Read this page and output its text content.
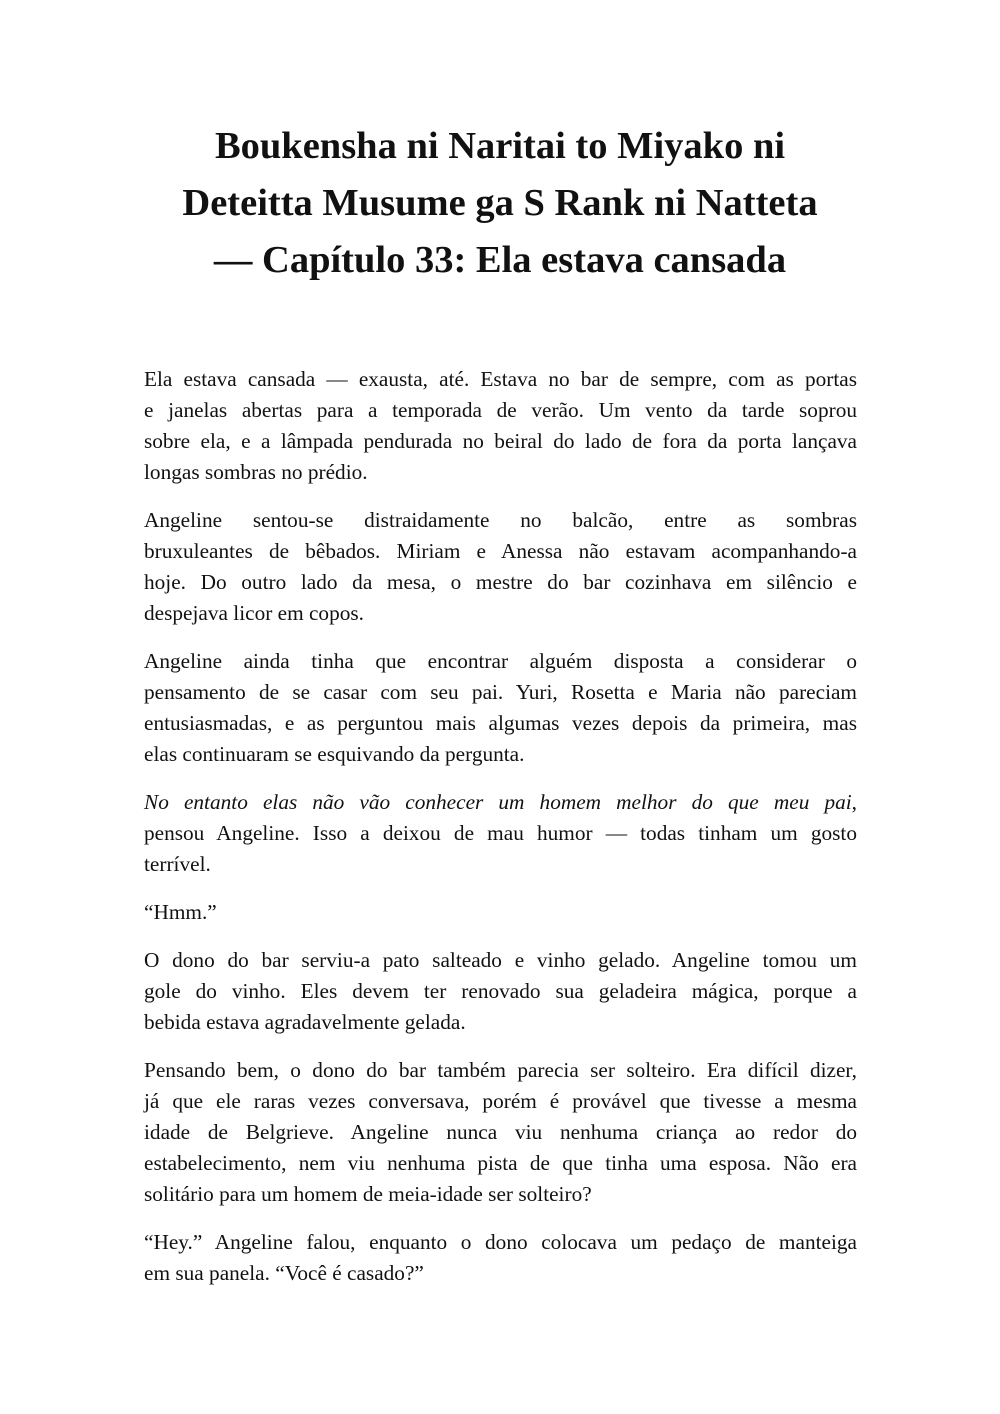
Boukensha ni Naritai to Miyako ni
Deteitta Musume ga S Rank ni Natteta
— Capítulo 33: Ela estava cansada

Ela estava cansada — exausta, até. Estava no bar de sempre, com as portas
e janelas abertas para a temporada de verão. Um vento da tarde soprou
sobre ela, e a lâmpada pendurada no beiral do lado de fora da porta lançava
longas sombras no prédio.

Angeline sentou-se distraidamente no balcão, entre as sombras
bruxuleantes de bêbados. Miriam e Anessa não estavam acompanhando-a
hoje. Do outro lado da mesa, o mestre do bar cozinhava em silêncio e
despejava licor em copos.

Angeline ainda tinha que encontrar alguém disposta a considerar o
pensamento de se casar com seu pai. Yuri, Rosetta e Maria não pareciam
entusiasmadas, e as perguntou mais algumas vezes depois da primeira, mas
elas continuaram se esquivando da pergunta.

No entanto elas não vão conhecer um homem melhor do que meu pai,
pensou Angeline. Isso a deixou de mau humor — todas tinham um gosto
terrível.

“Hmm.”

O dono do bar serviu-a pato salteado e vinho gelado. Angeline tomou um
gole do vinho. Eles devem ter renovado sua geladeira mágica, porque a
bebida estava agradavelmente gelada.

Pensando bem, o dono do bar também parecia ser solteiro. Era difícil dizer,
já que ele raras vezes conversava, porém é provável que tivesse a mesma
idade de Belgrieve. Angeline nunca viu nenhuma criança ao redor do
estabelecimento, nem viu nenhuma pista de que tinha uma esposa. Não era
solitário para um homem de meia-idade ser solteiro?

“Hey.” Angeline falou, enquanto o dono colocava um pedaço de manteiga
em sua panela. “Você é casado?”
